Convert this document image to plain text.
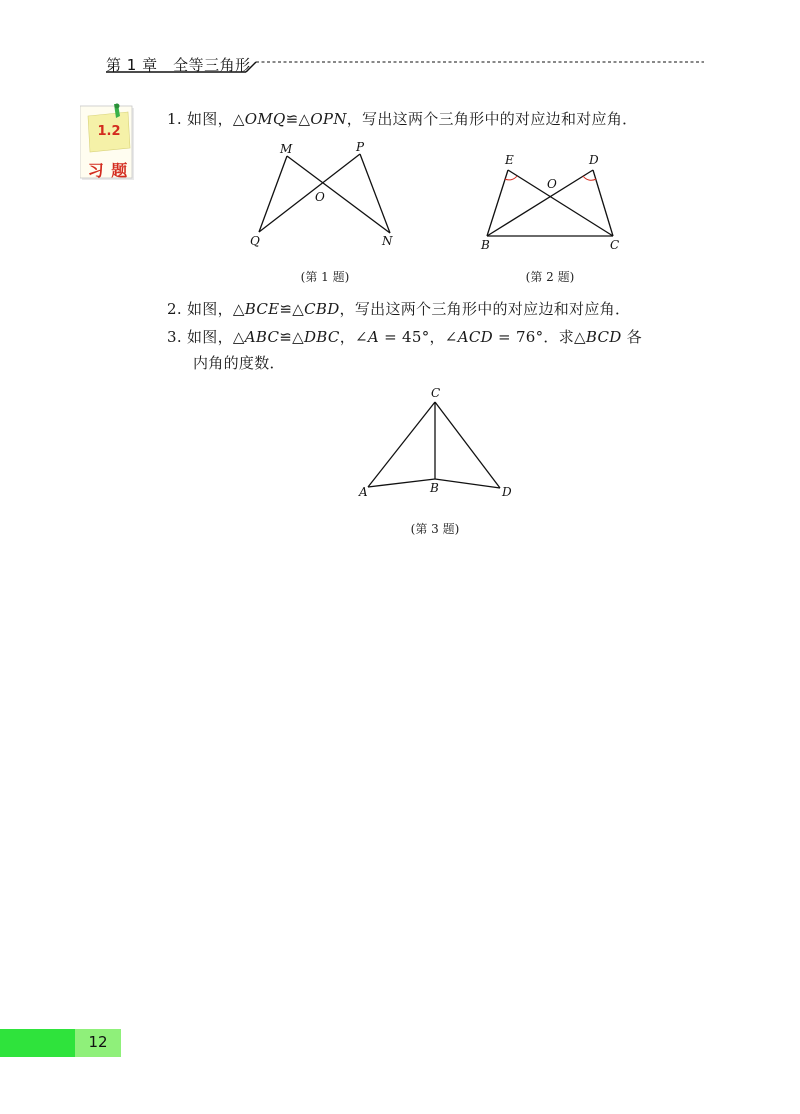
第 1 章　全等三角形
1.2
习 题
1. 如图，△OMQ≌△OPN，写出这两个三角形中的对应边和对应角．
M	P
O
Q	N
(第 1 题)
E	D
O
B	C
(第 2 题)
2. 如图，△BCE≌△CBD，写出这两个三角形中的对应边和对应角．
3. 如图，△ABC≌△DBC，∠A = 45°，∠ACD = 76°．求△BCD 各
内角的度数．
C
A	B	D
(第 3 题)
12
